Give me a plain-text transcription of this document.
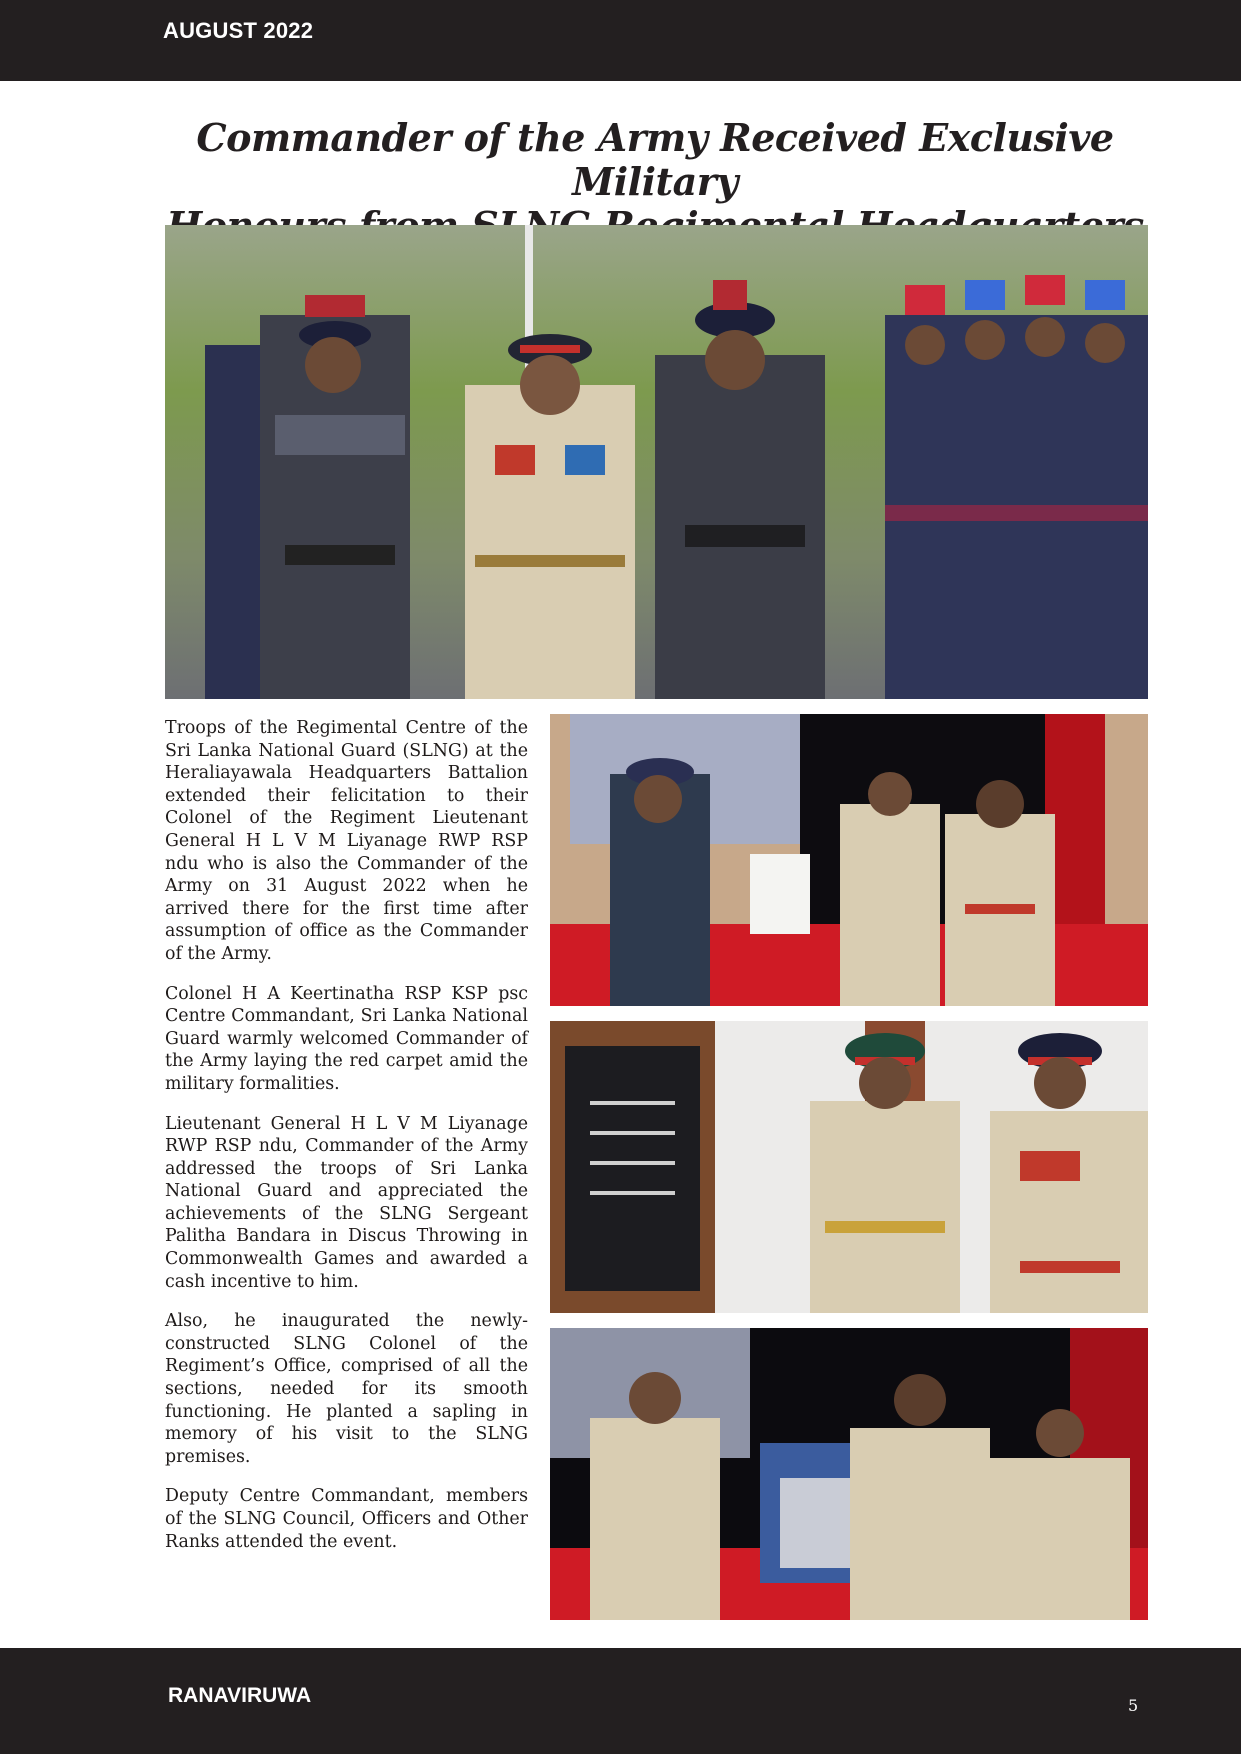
AUGUST 2022
Commander of the Army Received Exclusive Military

Troops of the Regimental Centre of the Sri Lanka National Guard (SLNG) at the Heraliayawala Headquarters Battalion extended their felicitation to their Colonel of the Regiment Lieutenant General H L V M Liyanage RWP RSP ndu who is also the Commander of the Army on 31 August 2022 when he arrived there for the first time after assumption of office as the Commander of the Army.

Colonel H A Keertinatha RSP KSP psc Centre Commandant, Sri Lanka National Guard warmly welcomed Commander of the Army laying the red carpet amid the military formalities.

Lieutenant General H L V M Liyanage RWP RSP ndu, Commander of the Army addressed the troops of Sri Lanka National Guard and appreciated the achievements of the SLNG Sergeant Palitha Bandara in Discus Throwing in Commonwealth Games and awarded a cash incentive to him.

Also, he inaugurated the newly-constructed SLNG Colonel of the Regiment’s Office, comprised of all the sections, needed for its smooth functioning. He planted a sapling in memory of his visit to the SLNG premises.

Deputy Centre Commandant, members of the SLNG Council, Officers and Other Ranks attended the event.

RANAVIRUWA	5
